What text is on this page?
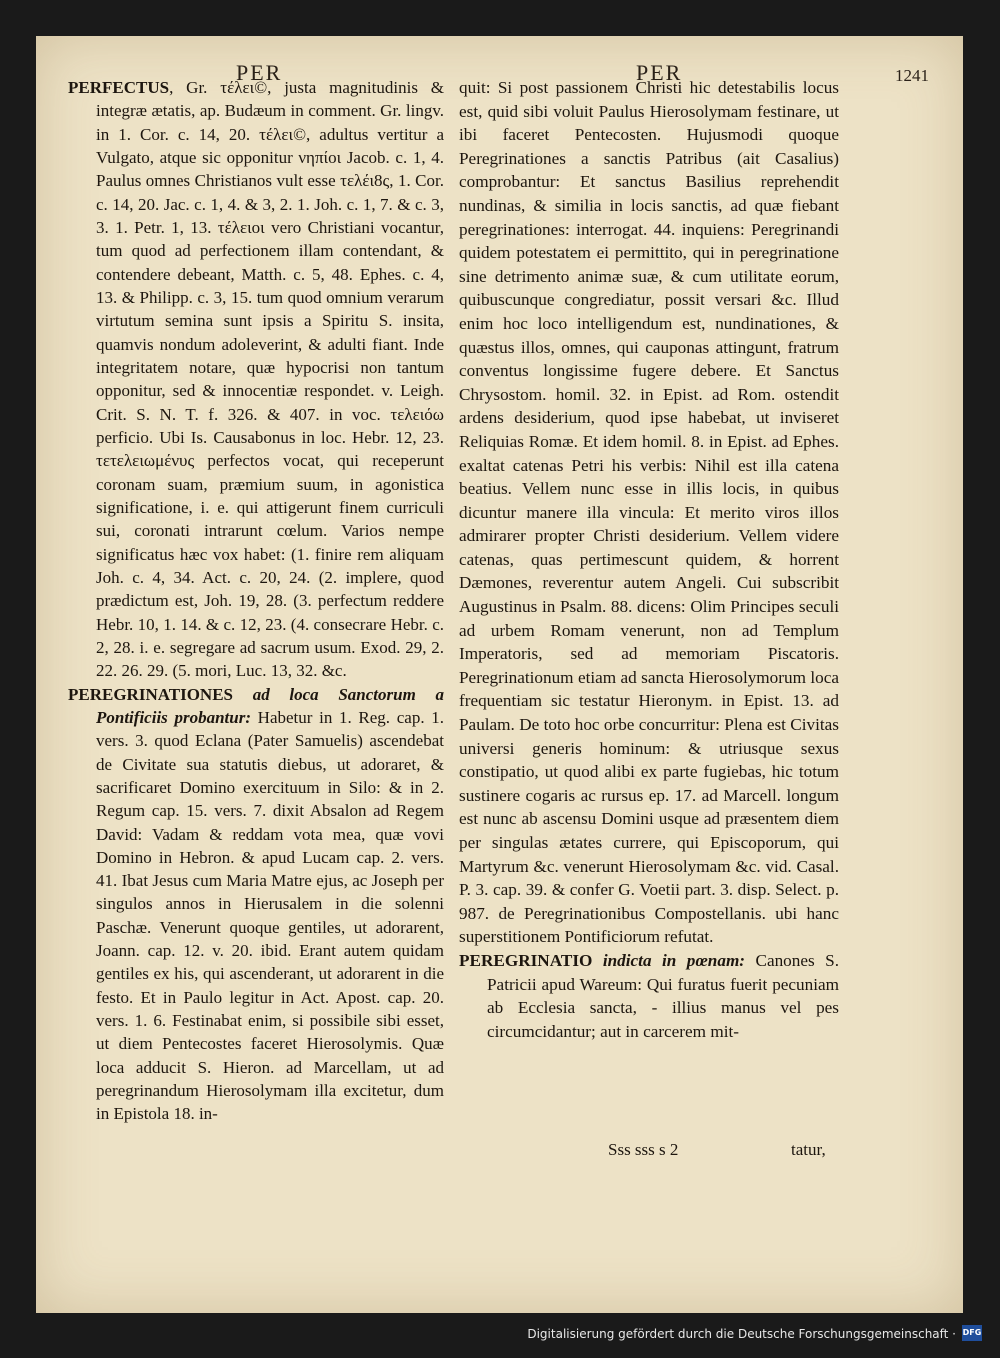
PER	PER	1241

PERFECTUS, Gr. τέλει©, justa magnitudinis & integræ ætatis, ap. Budæum in comment. Gr. lingv. in 1. Cor. c. 14, 20. τέλει©, adultus vertitur a Vulgato, atque sic opponitur νηπίοι Jacob. c. 1, 4. Paulus omnes Christianos vult esse τελέι8ς, 1. Cor. c. 14, 20. Jac. c. 1, 4. & 3, 2. 1. Joh. c. 1, 7. & c. 3, 3. 1. Petr. 1, 13. τέλειοι vero Christiani vocantur, tum quod ad perfectionem illam contendant, & contendere debeant, Matth. c. 5, 48. Ephes. c. 4, 13. & Philipp. c. 3, 15. tum quod omnium verarum virtutum semina sunt ipsis a Spiritu S. insita, quamvis nondum adoleverint, & adulti fiant. Inde integritatem notare, quæ hypocrisi non tantum opponitur, sed & innocentiæ respondet. v. Leigh. Crit. S. N. T. f. 326. & 407. in voc. τελειόω perficio. Ubi Is. Causabonus in loc. Hebr. 12, 23. τετελειωμένυς perfectos vocat, qui receperunt coronam suam, præmium suum, in agonistica significatione, i. e. qui attigerunt finem curriculi sui, coronati intrarunt cœlum. Varios nempe significatus hæc vox habet: (1. finire rem aliquam Joh. c. 4, 34. Act. c. 20, 24. (2. implere, quod prædictum est, Joh. 19, 28. (3. perfectum reddere Hebr. 10, 1. 14. & c. 12, 23. (4. consecrare Hebr. c. 2, 28. i. e. segregare ad sacrum usum. Exod. 29, 2. 22. 26. 29. (5. mori, Luc. 13, 32. &c.

PEREGRINATIONES ad loca Sanctorum a Pontificiis probantur: Habetur in 1. Reg. cap. 1. vers. 3. quod Eclana (Pater Samuelis) ascendebat de Civitate sua statutis diebus, ut adoraret, & sacrificaret Domino exercituum in Silo: & in 2. Regum cap. 15. vers. 7. dixit Absalon ad Regem David: Vadam & reddam vota mea, quæ vovi Domino in Hebron. & apud Lucam cap. 2. vers. 41. Ibat Jesus cum Maria Matre ejus, ac Joseph per singulos annos in Hierusalem in die solenni Paschæ. Venerunt quoque gentiles, ut adorarent, Joann. cap. 12. v. 20. ibid. Erant autem quidam gentiles ex his, qui ascenderant, ut adorarent in die festo. Et in Paulo legitur in Act. Apost. cap. 20. vers. 1. 6. Festinabat enim, si possibile sibi esset, ut diem Pentecostes faceret Hierosolymis. Quæ loca adducit S. Hieron. ad Marcellam, ut ad peregrinandum Hierosolymam illa excitetur, dum in Epistola 18. in-

quit: Si post passionem Christi hic detestabilis locus est, quid sibi voluit Paulus Hierosolymam festinare, ut ibi faceret Pentecosten. Hujusmodi quoque Peregrinationes a sanctis Patribus (ait Casalius) comprobantur: Et sanctus Basilius reprehendit nundinas, & similia in locis sanctis, ad quæ fiebant peregrinationes: interrogat. 44. inquiens: Peregrinandi quidem potestatem ei permittito, qui in peregrinatione sine detrimento animæ suæ, & cum utilitate eorum, quibuscunque congrediatur, possit versari &c. Illud enim hoc loco intelligendum est, nundinationes, & quæstus illos, omnes, qui cauponas attingunt, fratrum conventus longissime fugere debere. Et Sanctus Chrysostom. homil. 32. in Epist. ad Rom. ostendit ardens desiderium, quod ipse habebat, ut inviseret Reliquias Romæ. Et idem homil. 8. in Epist. ad Ephes. exaltat catenas Petri his verbis: Nihil est illa catena beatius. Vellem nunc esse in illis locis, in quibus dicuntur manere illa vincula: Et merito viros illos admirarer propter Christi desiderium. Vellem videre catenas, quas pertimescunt quidem, & horrent Dæmones, reverentur autem Angeli. Cui subscribit Augustinus in Psalm. 88. dicens: Olim Principes seculi ad urbem Romam venerunt, non ad Templum Imperatoris, sed ad memoriam Piscatoris. Peregrinationum etiam ad sancta Hierosolymorum loca frequentiam sic testatur Hieronym. in Epist. 13. ad Paulam. De toto hoc orbe concurritur: Plena est Civitas universi generis hominum: & utriusque sexus constipatio, ut quod alibi ex parte fugiebas, hic totum sustinere cogaris ac rursus ep. 17. ad Marcell. longum est nunc ab ascensu Domini usque ad præsentem diem per singulas ætates currere, qui Episcoporum, qui Martyrum &c. venerunt Hierosolymam &c. vid. Casal. P. 3. cap. 39. & confer G. Voetii part. 3. disp. Select. p. 987. de Peregrinationibus Compostellanis. ubi hanc superstitionem Pontificiorum refutat.

PEREGRINATIO indicta in pœnam: Canones S. Patricii apud Wareum: Qui furatus fuerit pecuniam ab Ecclesia sancta, - illius manus vel pes circumcidantur; aut in carcerem mit-

Sss sss s 2	tatur,
Digitalisierung gefördert durch die Deutsche Forschungsgemeinschaft · DFG
